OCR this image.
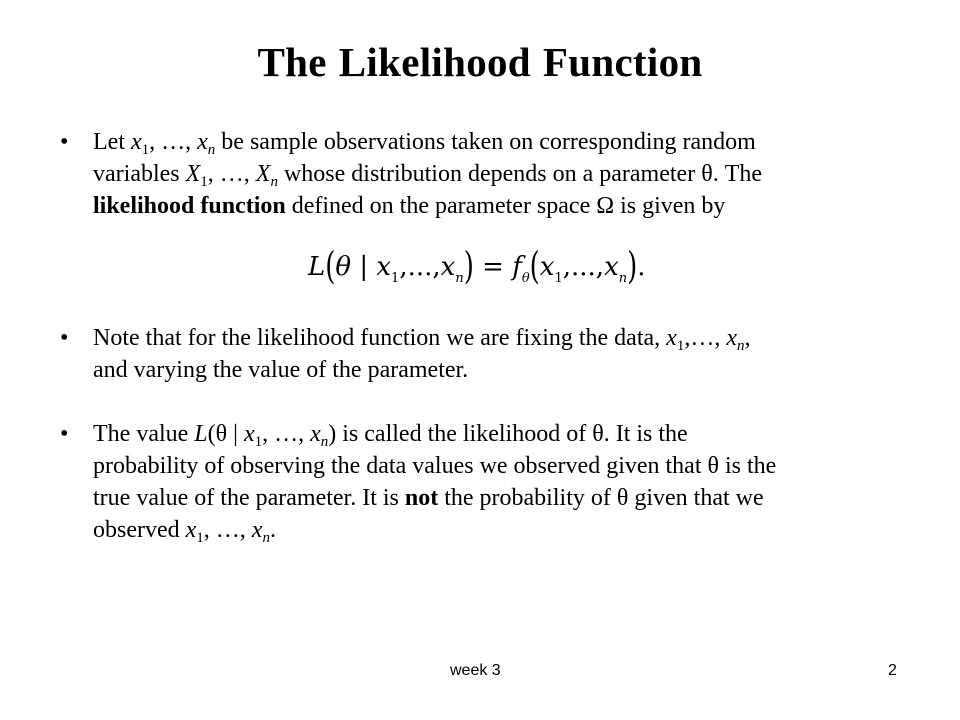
The Likelihood Function
•	Let $x_1$, …, $x_n$ be sample observations taken on corresponding random
variables $X_1$, …, $X_n$ whose distribution depends on a parameter θ. The
likelihood function defined on the parameter space Ω is given by
L(θ | $x_1,...,x_n) = f_\theta(x_1,...,x_n)$.
•	Note that for the likelihood function we are fixing the data, $x_1,\dots$, $x_n$,
and varying the value of the parameter.
•	The value L(θ | $x_1$, …, $x_n$) is called the likelihood of θ. It is the
probability of observing the data values we observed given that θ is the
true value of the parameter. It is not the probability of θ given that we
observed $x_1$, …, $x_n$.
week 3	2
